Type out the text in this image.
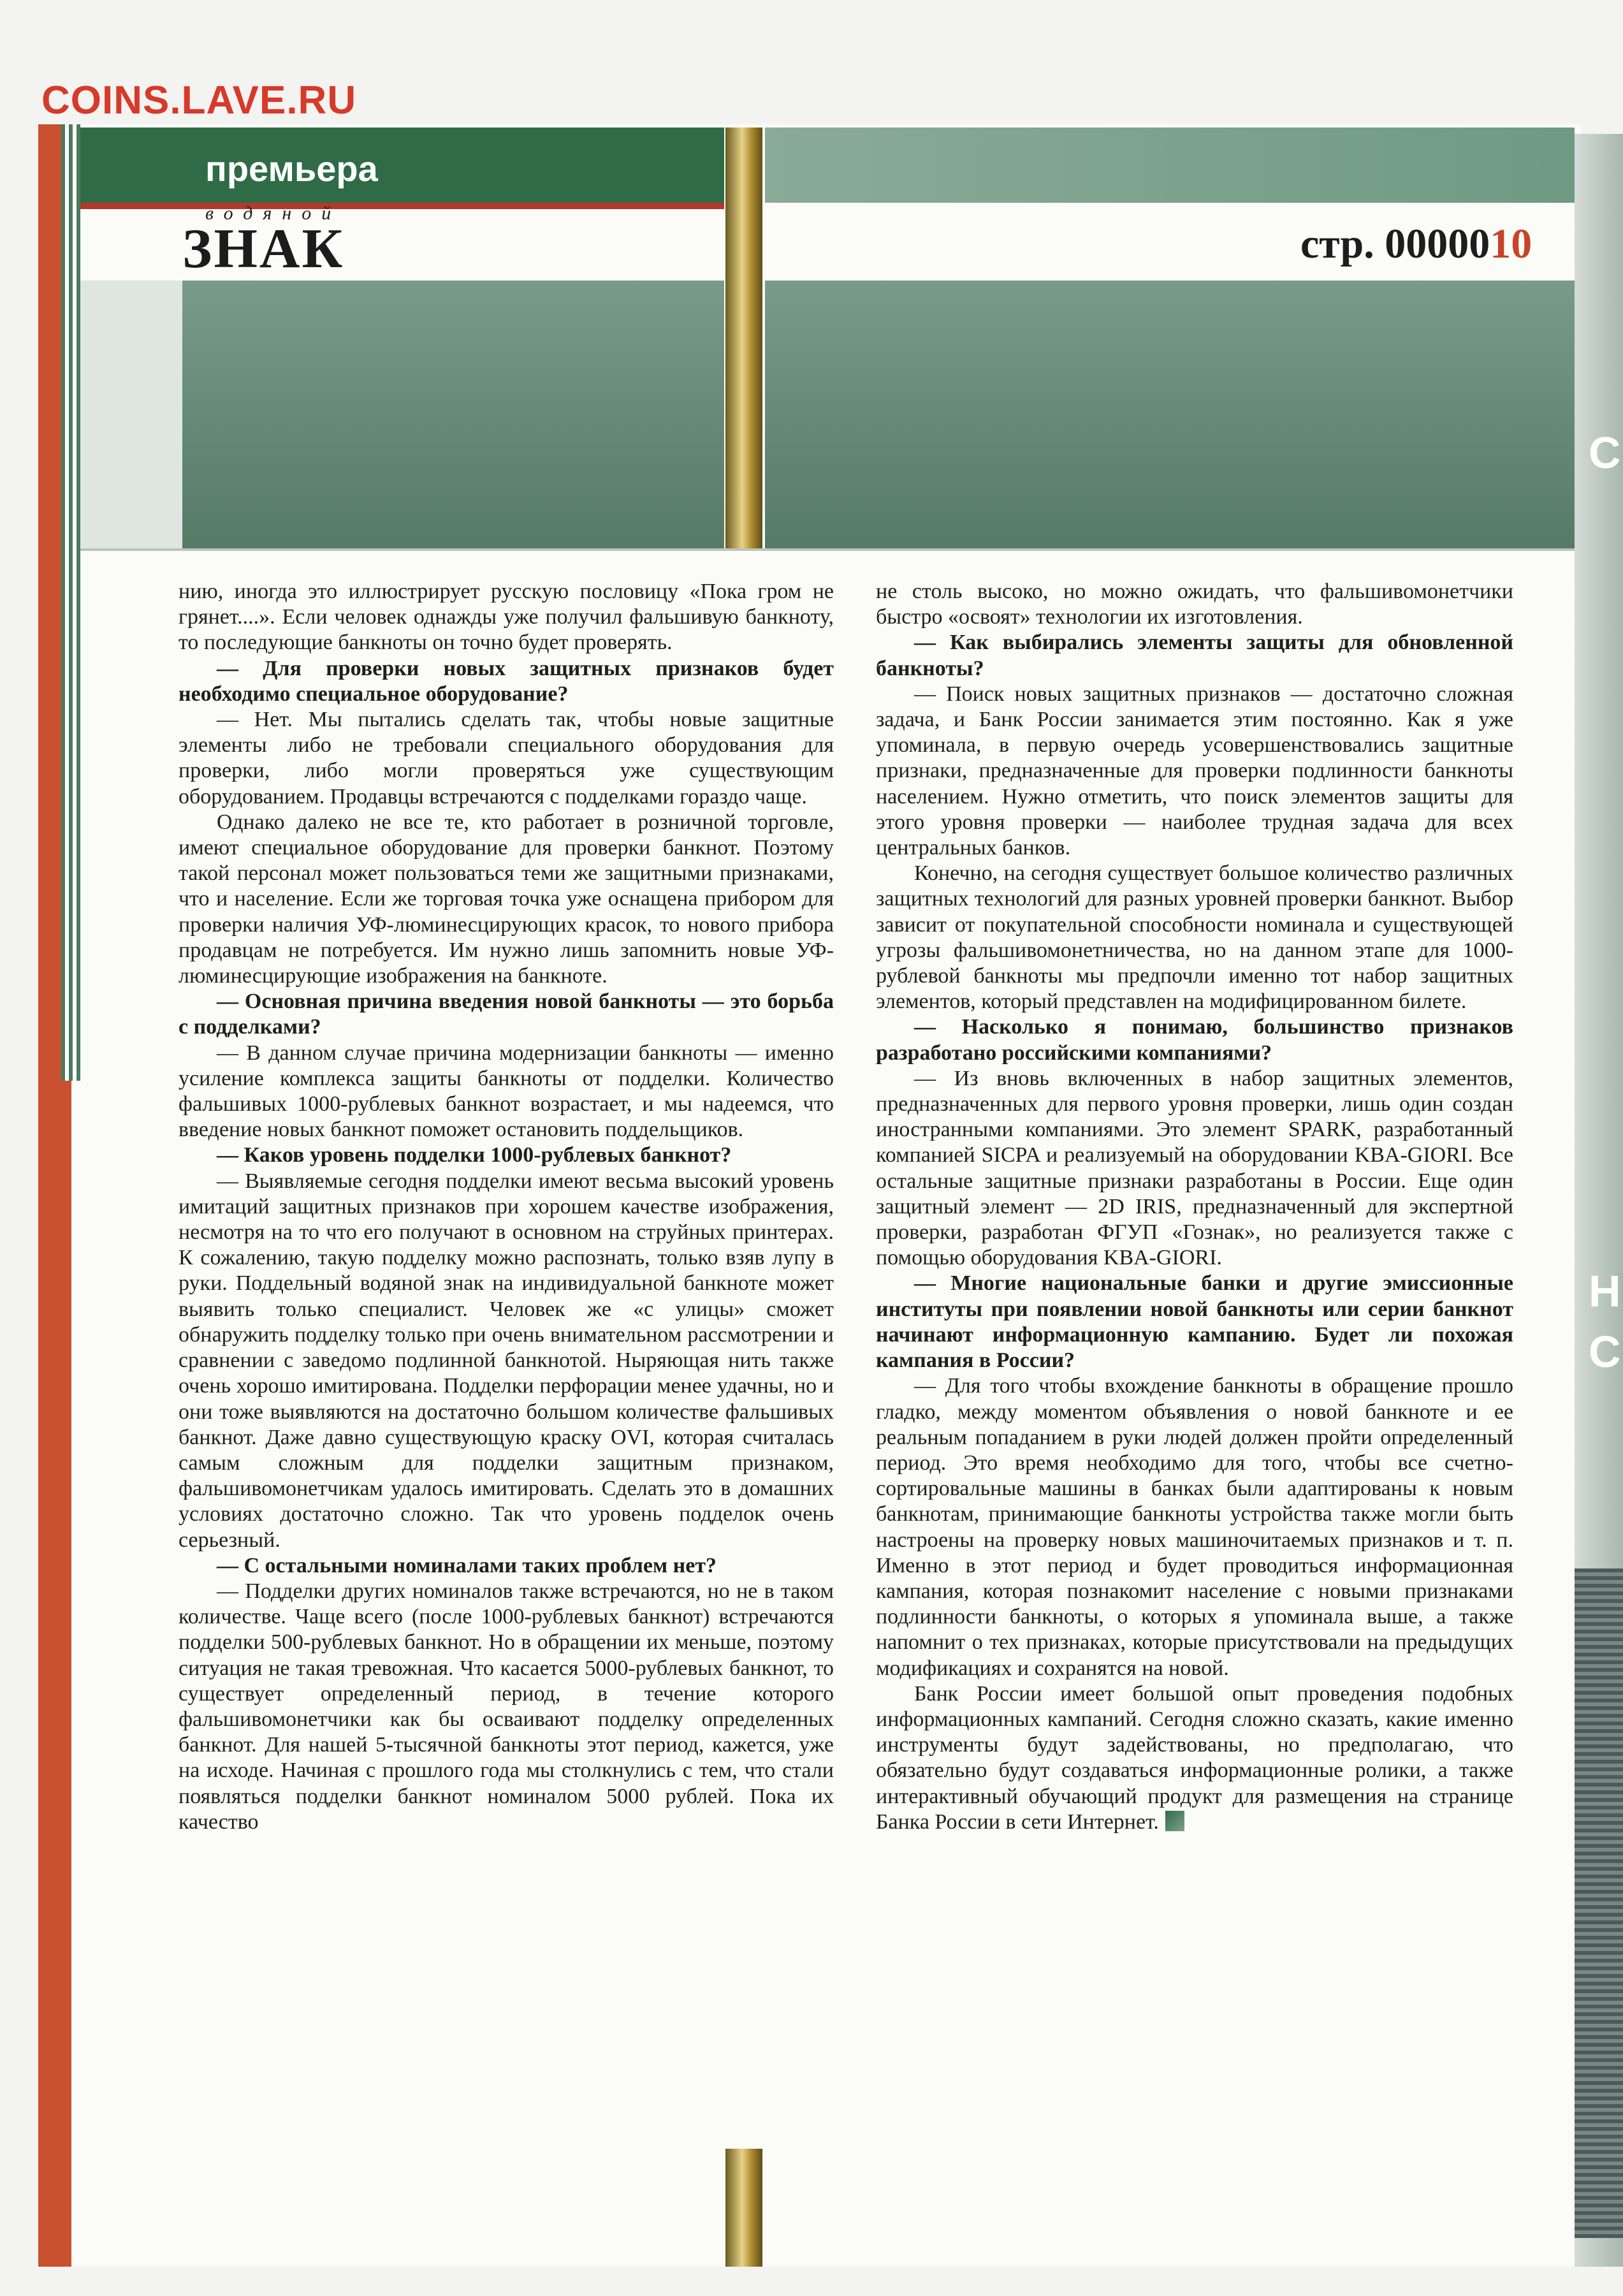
COINS.LAVE.RU
премьера
водяной
ЗНАК	стр. 0000010
С
Н
С

нию, иногда это иллюстрирует русскую пословицу «Пока гром не грянет....». Если человек однажды уже получил фальшивую банкноту, то последующие банкноты он точно будет проверять.

— Для проверки новых защитных признаков будет необходимо специальное оборудование?

— Нет. Мы пытались сделать так, чтобы новые защитные элементы либо не требовали специального оборудования для проверки, либо могли проверяться уже существующим оборудованием. Продавцы встречаются с подделками гораздо чаще.

Однако далеко не все те, кто работает в розничной торговле, имеют специальное оборудование для проверки банкнот. Поэтому такой персонал может пользоваться теми же защитными признаками, что и население. Если же торговая точка уже оснащена прибором для проверки наличия УФ-люминесцирующих красок, то нового прибора продавцам не потребуется. Им нужно лишь запомнить новые УФ-люминесцирующие изображения на банкноте.

— Основная причина введения новой банкноты — это борьба с подделками?

— В данном случае причина модернизации банкноты — именно усиление комплекса защиты банкноты от подделки. Количество фальшивых 1000-рублевых банкнот возрастает, и мы надеемся, что введение новых банкнот поможет остановить поддельщиков.

— Каков уровень подделки 1000-рублевых банкнот?

— Выявляемые сегодня подделки имеют весьма высокий уровень имитаций защитных признаков при хорошем качестве изображения, несмотря на то что его получают в основном на струйных принтерах. К сожалению, такую подделку можно распознать, только взяв лупу в руки. Поддельный водяной знак на индивидуальной банкноте может выявить только специалист. Человек же «с улицы» сможет обнаружить подделку только при очень внимательном рассмотрении и сравнении с заведомо подлинной банкнотой. Ныряющая нить также очень хорошо имитирована. Подделки перфорации менее удачны, но и они тоже выявляются на достаточно большом количестве фальшивых банкнот. Даже давно существующую краску OVI, которая считалась самым сложным для подделки защитным признаком, фальшивомонетчикам удалось имитировать. Сделать это в домашних условиях достаточно сложно. Так что уровень подделок очень серьезный.

— С остальными номиналами таких проблем нет?

— Подделки других номиналов также встречаются, но не в таком количестве. Чаще всего (после 1000-рублевых банкнот) встречаются подделки 500-рублевых банкнот. Но в обращении их меньше, поэтому ситуация не такая тревожная. Что касается 5000-рублевых банкнот, то существует определенный период, в течение которого фальшивомонетчики как бы осваивают подделку определенных банкнот. Для нашей 5-тысячной банкноты этот период, кажется, уже на исходе. Начиная с прошлого года мы столкнулись с тем, что стали появляться подделки банкнот номиналом 5000 рублей. Пока их качество

не столь высоко, но можно ожидать, что фальшивомонетчики быстро «освоят» технологии их изготовления.

— Как выбирались элементы защиты для обновленной банкноты?

— Поиск новых защитных признаков — достаточно сложная задача, и Банк России занимается этим постоянно. Как я уже упоминала, в первую очередь усовершенствовались защитные признаки, предназначенные для проверки подлинности банкноты населением. Нужно отметить, что поиск элементов защиты для этого уровня проверки — наиболее трудная задача для всех центральных банков.

Конечно, на сегодня существует большое количество различных защитных технологий для разных уровней проверки банкнот. Выбор зависит от покупательной способности номинала и существующей угрозы фальшивомонетничества, но на данном этапе для 1000-рублевой банкноты мы предпочли именно тот набор защитных элементов, который представлен на модифицированном билете.

— Насколько я понимаю, большинство признаков разработано российскими компаниями?

— Из вновь включенных в набор защитных элементов, предназначенных для первого уровня проверки, лишь один создан иностранными компаниями. Это элемент SPARK, разработанный компанией SICPA и реализуемый на оборудовании KBA-GIORI. Все остальные защитные признаки разработаны в России. Еще один защитный элемент — 2D IRIS, предназначенный для экспертной проверки, разработан ФГУП «Гознак», но реализуется также с помощью оборудования KBA-GIORI.

— Многие национальные банки и другие эмиссионные институты при появлении новой банкноты или серии банкнот начинают информационную кампанию. Будет ли похожая кампания в России?

— Для того чтобы вхождение банкноты в обращение прошло гладко, между моментом объявления о новой банкноте и ее реальным попаданием в руки людей должен пройти определенный период. Это время необходимо для того, чтобы все счетно-сортировальные машины в банках были адаптированы к новым банкнотам, принимающие банкноты устройства также могли быть настроены на проверку новых машиночитаемых признаков и т. п. Именно в этот период и будет проводиться информационная кампания, которая познакомит население с новыми признаками подлинности банкноты, о которых я упоминала выше, а также напомнит о тех признаках, которые присутствовали на предыдущих модификациях и сохранятся на новой.

Банк России имеет большой опыт проведения подобных информационных кампаний. Сегодня сложно сказать, какие именно инструменты будут задействованы, но предполагаю, что обязательно будут создаваться информационные ролики, а также интерактивный обучающий продукт для размещения на странице Банка России в сети Интернет.
